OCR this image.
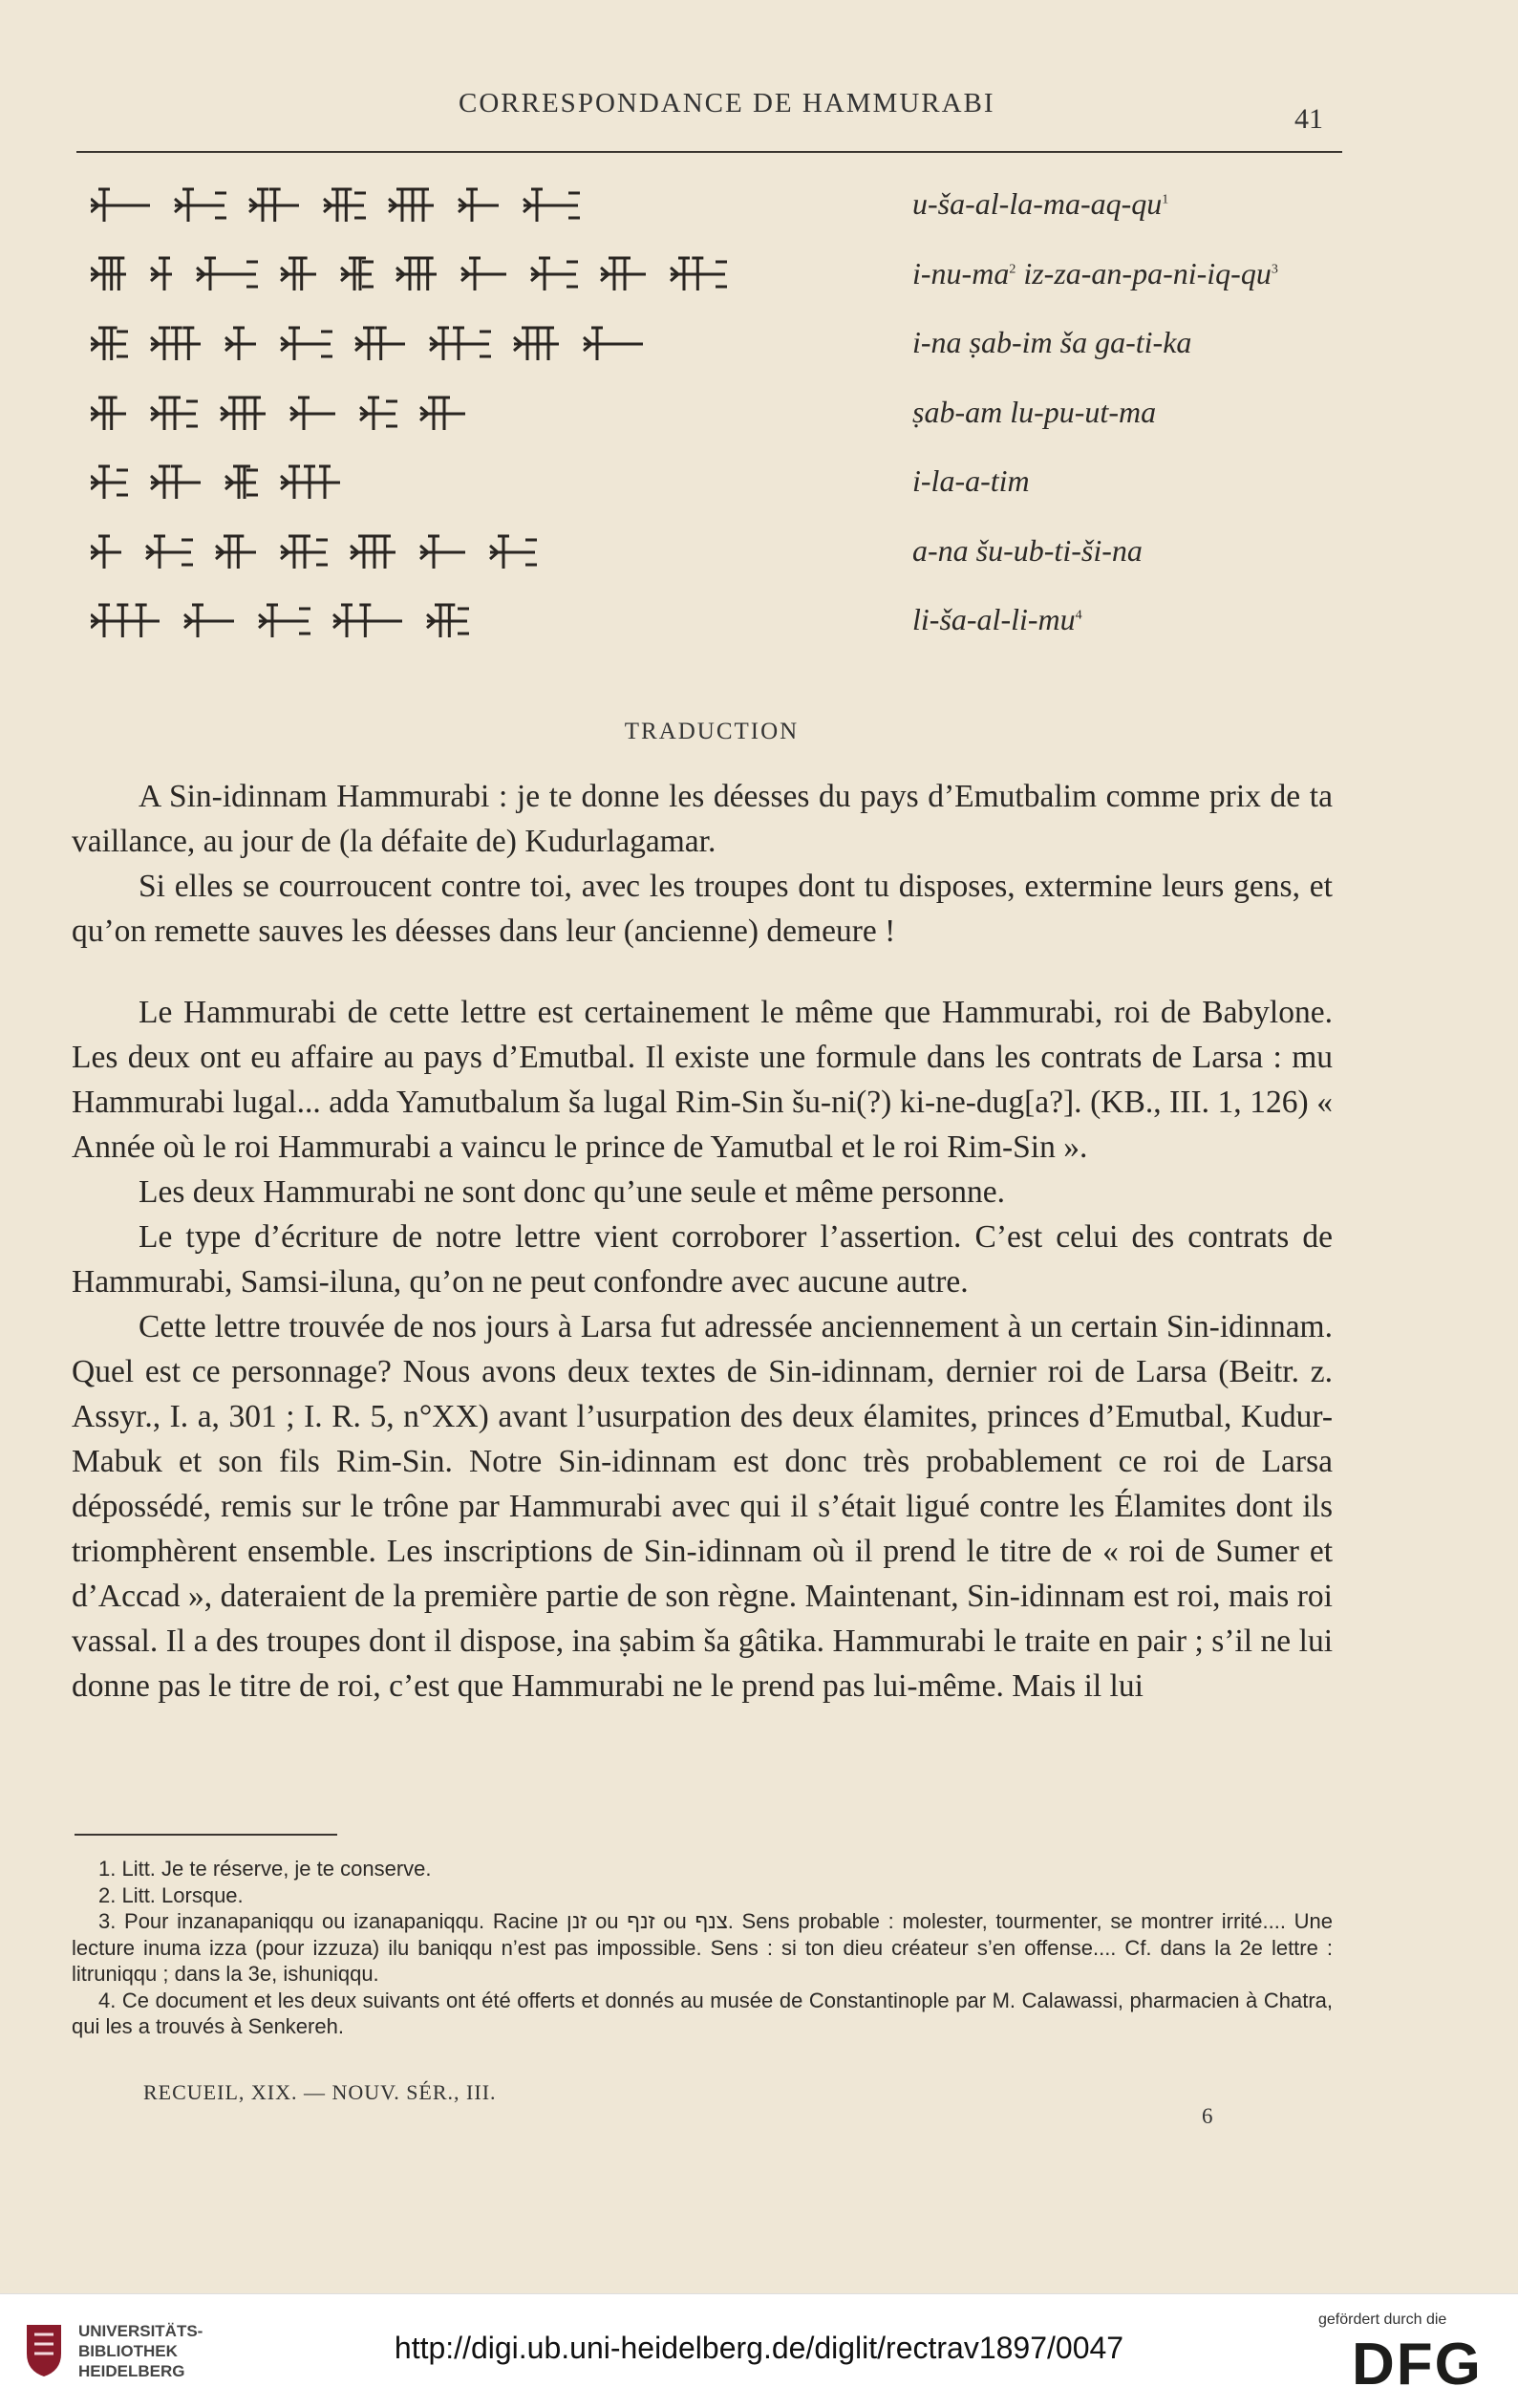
CORRESPONDANCE DE HAMMURABI	41
$u-ša-al-la-ma-aq-qu^1$
$i-nu-ma^2$ $iz-za-an-pa-ni-iq-qu^3$
i-na ṣab-im ša ga-ti-ka
ṣab-am lu-pu-ut-ma
i-la-a-tim
a-na šu-ub-ti-ši-na
$li-ša-al-li-mu^4$
TRADUCTION

A Sin-idinnam Hammurabi : je te donne les déesses du pays d’Emutbalim comme prix de ta vaillance, au jour de (la défaite de) Kudurlagamar.

Si elles se courroucent contre toi, avec les troupes dont tu disposes, extermine leurs gens, et qu’on remette sauves les déesses dans leur (ancienne) demeure !

Le Hammurabi de cette lettre est certainement le même que Hammurabi, roi de Babylone. Les deux ont eu affaire au pays d’Emutbal. Il existe une formule dans les contrats de Larsa : mu Hammurabi lugal... adda Yamutbalum ša lugal Rim-Sin šu-ni(?) ki-ne-dug[a?]. (KB., III. 1, 126) « Année où le roi Hammurabi a vaincu le prince de Yamutbal et le roi Rim-Sin ».

Les deux Hammurabi ne sont donc qu’une seule et même personne.

Le type d’écriture de notre lettre vient corroborer l’assertion. C’est celui des contrats de Hammurabi, Samsi-iluna, qu’on ne peut confondre avec aucune autre.

Cette lettre trouvée de nos jours à Larsa fut adressée anciennement à un certain Sin-idinnam. Quel est ce personnage? Nous avons deux textes de Sin-idinnam, dernier roi de Larsa (Beitr. z. Assyr., I. a, 301 ; I. R. 5, n°XX) avant l’usurpation des deux élamites, princes d’Emutbal, Kudur-Mabuk et son fils Rim-Sin. Notre Sin-idinnam est donc très probablement ce roi de Larsa dépossédé, remis sur le trône par Hammurabi avec qui il s’était ligué contre les Élamites dont ils triomphèrent ensemble. Les inscriptions de Sin-idinnam où il prend le titre de « roi de Sumer et d’Accad », dateraient de la première partie de son règne. Maintenant, Sin-idinnam est roi, mais roi vassal. Il a des troupes dont il dispose, ina ṣabim ša gâtika. Hammurabi le traite en pair ; s’il ne lui donne pas le titre de roi, c’est que Hammurabi ne le prend pas lui-même. Mais il lui

1. Litt. Je te réserve, je te conserve.

2. Litt. Lorsque.

3. Pour inzanapaniqqu ou izanapaniqqu. Racine זנן ou זנף ou צנף. Sens probable : molester, tourmenter, se montrer irrité.... Une lecture inuma izza (pour izzuza) ilu baniqqu n’est pas impossible. Sens : si ton dieu créateur s’en offense.... Cf. dans la 2e lettre : litruniqqu ; dans la 3e, ishuniqqu.

4. Ce document et les deux suivants ont été offerts et donnés au musée de Constantinople par M. Calawassi, pharmacien à Chatra, qui les a trouvés à Senkereh.

RECUEIL, XIX. — NOUV. SÉR., III.
6
UNIVERSITÄTS-
BIBLIOTHEK
HEIDELBERG
http://digi.ub.uni-heidelberg.de/diglit/rectrav1897/0047
gefördert durch die
DFG
